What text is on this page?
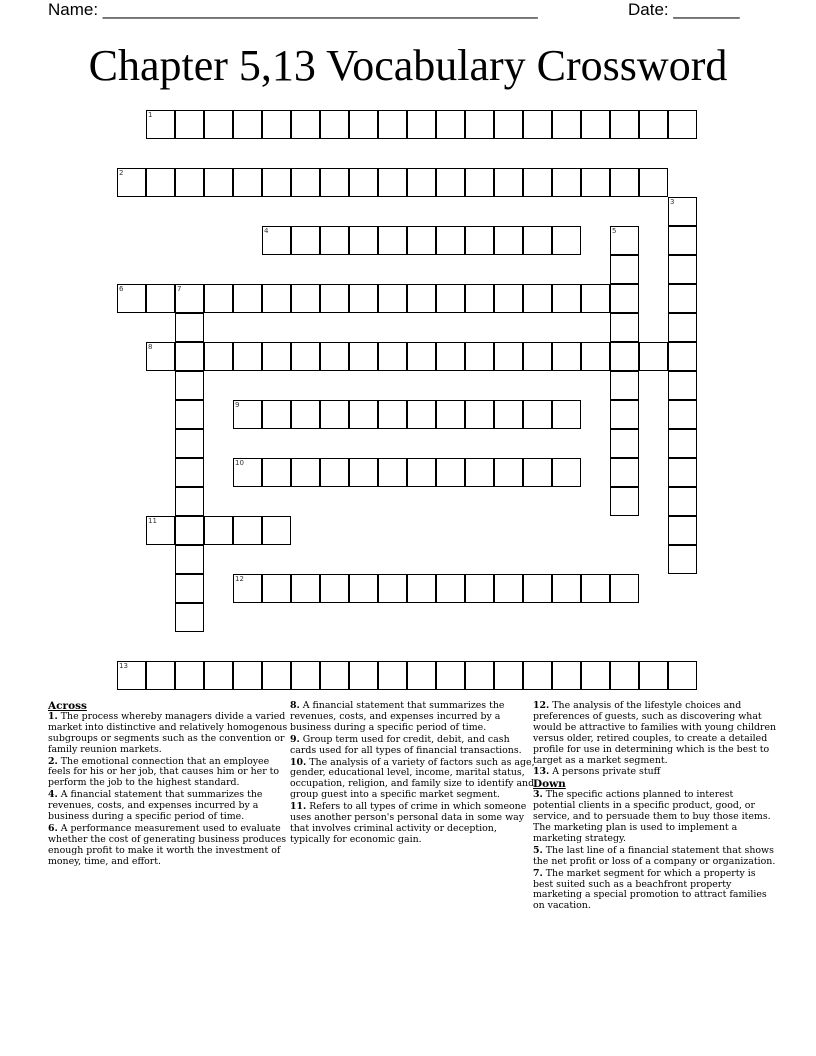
Name: ______________________________________________	Date: _______
Chapter 5,13 Vocabulary Crossword
1
2
3
4	5
6	7
8
9
10
11
12
13
Across

1. The process whereby managers divide a varied market into distinctive and relatively homogenous subgroups or segments such as the convention or family reunion markets.

2. The emotional connection that an employee feels for his or her job, that causes him or her to perform the job to the highest standard.

4. A financial statement that summarizes the revenues, costs, and expenses incurred by a business during a specific period of time.

6. A performance measurement used to evaluate whether the cost of generating business produces enough profit to make it worth the investment of money, time, and effort.

8. A financial statement that summarizes the revenues, costs, and expenses incurred by a business during a specific period of time.

9. Group term used for credit, debit, and cash cards used for all types of financial transactions.

10. The analysis of a variety of factors such as age, gender, educational level, income, marital status, occupation, religion, and family size to identify and group guest into a specific market segment.

11. Refers to all types of crime in which someone uses another person's personal data in some way that involves criminal activity or deception, typically for economic gain.

12. The analysis of the lifestyle choices and preferences of guests, such as discovering what would be attractive to families with young children versus older, retired couples, to create a detailed profile for use in determining which is the best to target as a market segment.

13. A persons private stuff

Down

3. The specific actions planned to interest potential clients in a specific product, good, or service, and to persuade them to buy those items. The marketing plan is used to implement a marketing strategy.

5. The last line of a financial statement that shows the net profit or loss of a company or organization.

7. The market segment for which a property is best suited such as a beachfront property marketing a special promotion to attract families on vacation.
